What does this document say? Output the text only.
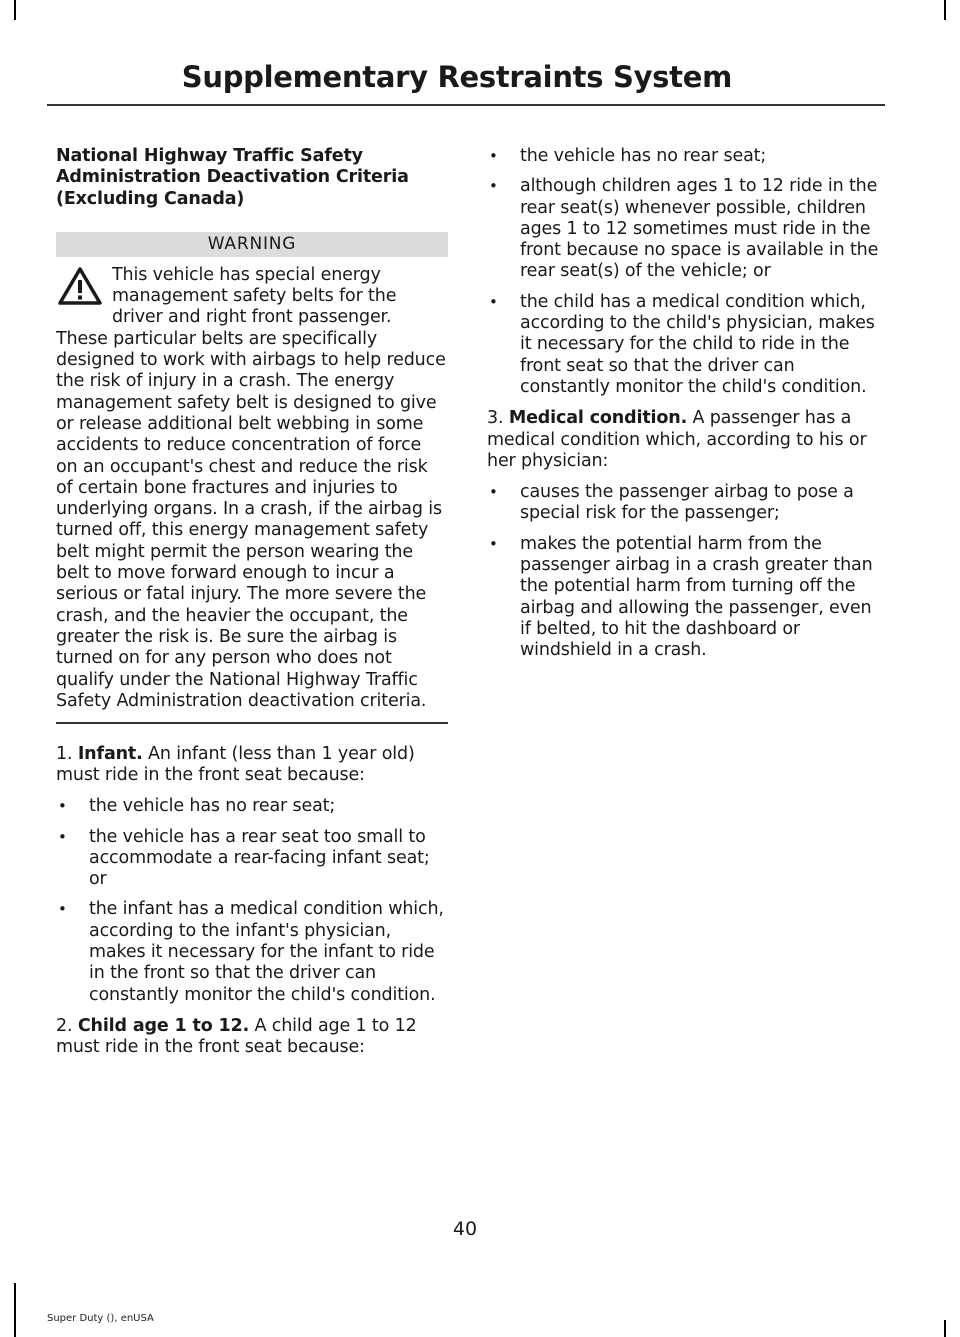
Supplementary Restraints System
National Highway Traffic Safety Administration Deactivation Criteria (Excluding Canada)
WARNING

This vehicle has special energy management safety belts for the driver and right front passenger. These particular belts are specifically designed to work with airbags to help reduce the risk of injury in a crash. The energy management safety belt is designed to give or release additional belt webbing in some accidents to reduce concentration of force on an occupant's chest and reduce the risk of certain bone fractures and injuries to underlying organs. In a crash, if the airbag is turned off, this energy management safety belt might permit the person wearing the belt to move forward enough to incur a serious or fatal injury. The more severe the crash, and the heavier the occupant, the greater the risk is. Be sure the airbag is turned on for any person who does not qualify under the National Highway Traffic Safety Administration deactivation criteria.

1. Infant. An infant (less than 1 year old) must ride in the front seat because:

• the vehicle has no rear seat;
• the vehicle has a rear seat too small to accommodate a rear-facing infant seat; or
• the infant has a medical condition which, according to the infant's physician, makes it necessary for the infant to ride in the front so that the driver can constantly monitor the child's condition.

2. Child age 1 to 12. A child age 1 to 12 must ride in the front seat because:

• the vehicle has no rear seat;
• although children ages 1 to 12 ride in the rear seat(s) whenever possible, children ages 1 to 12 sometimes must ride in the front because no space is available in the rear seat(s) of the vehicle; or
• the child has a medical condition which, according to the child's physician, makes it necessary for the child to ride in the front seat so that the driver can constantly monitor the child's condition.

3. Medical condition. A passenger has a medical condition which, according to his or her physician:

• causes the passenger airbag to pose a special risk for the passenger;
• makes the potential harm from the passenger airbag in a crash greater than the potential harm from turning off the airbag and allowing the passenger, even if belted, to hit the dashboard or windshield in a crash.
40
Super Duty (), enUSA
